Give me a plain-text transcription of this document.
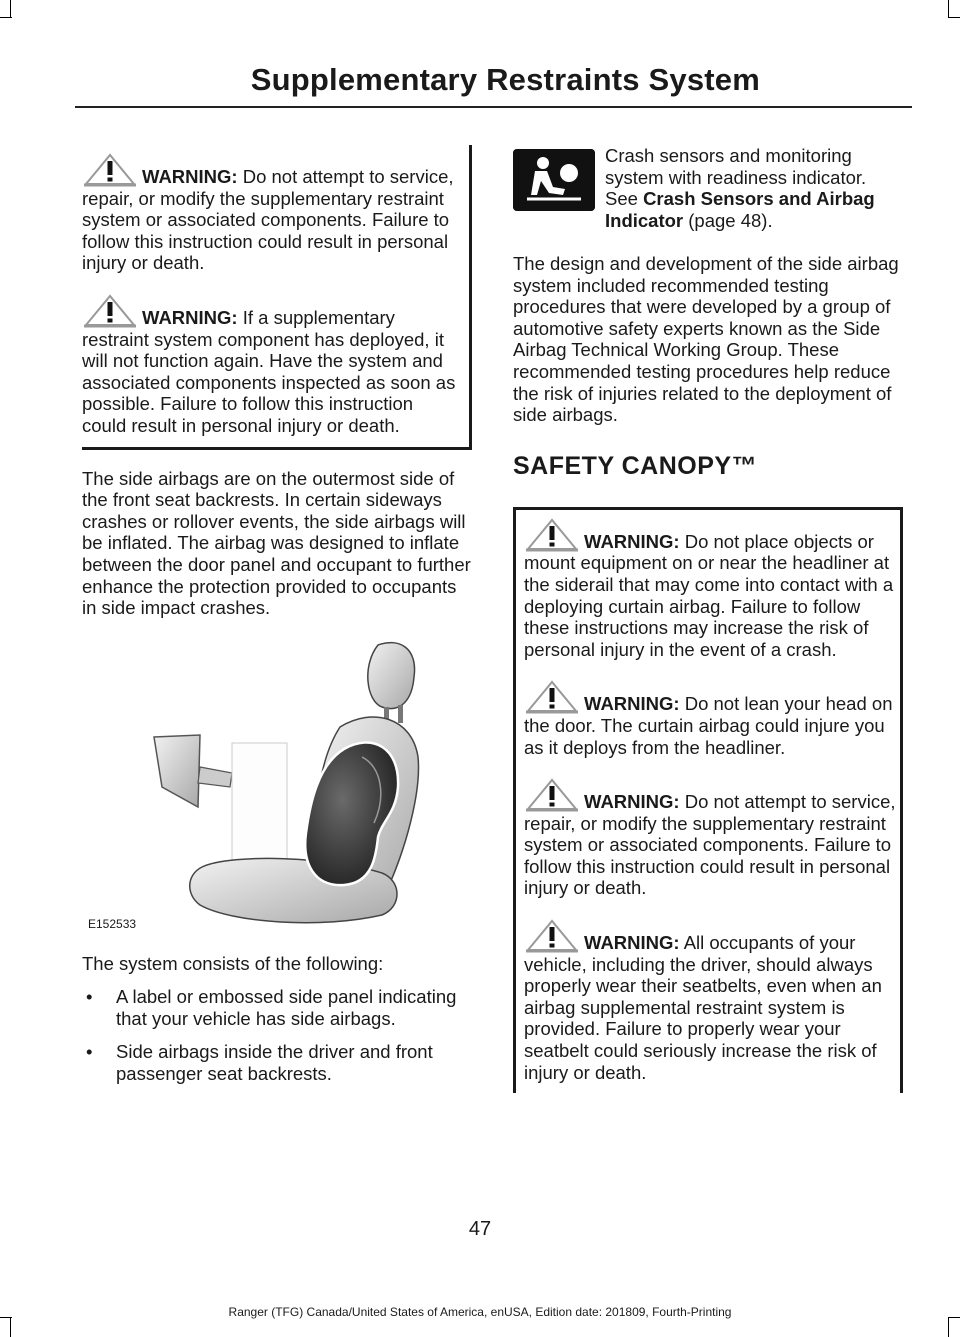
Supplementary Restraints System
WARNING: Do not attempt to service, repair, or modify the supplementary restraint system or associated components. Failure to follow this instruction could result in personal injury or death.
WARNING: If a supplementary restraint system component has deployed, it will not function again. Have the system and associated components inspected as soon as possible. Failure to follow this instruction could result in personal injury or death.

The side airbags are on the outermost side of the front seat backrests. In certain sideways crashes or rollover events, the side airbags will be inflated. The airbag was designed to inflate between the door panel and occupant to further enhance the protection provided to occupants in side impact crashes.

E152533

The system consists of the following:

• A label or embossed side panel indicating that your vehicle has side airbags.
• Side airbags inside the driver and front passenger seat backrests.
Crash sensors and monitoring system with readiness indicator. See Crash Sensors and Airbag Indicator (page 48).

The design and development of the side airbag system included recommended testing procedures that were developed by a group of automotive safety experts known as the Side Airbag Technical Working Group. These recommended testing procedures help reduce the risk of injuries related to the deployment of side airbags.

SAFETY CANOPY™
WARNING: Do not place objects or mount equipment on or near the headliner at the siderail that may come into contact with a deploying curtain airbag. Failure to follow these instructions may increase the risk of personal injury in the event of a crash.
WARNING: Do not lean your head on the door. The curtain airbag could injure you as it deploys from the headliner.
WARNING: Do not attempt to service, repair, or modify the supplementary restraint system or associated components. Failure to follow this instruction could result in personal injury or death.
WARNING: All occupants of your vehicle, including the driver, should always properly wear their seatbelts, even when an airbag supplemental restraint system is provided. Failure to properly wear your seatbelt could seriously increase the risk of injury or death.
47
Ranger (TFG) Canada/United States of America, enUSA, Edition date: 201809, Fourth-Printing
